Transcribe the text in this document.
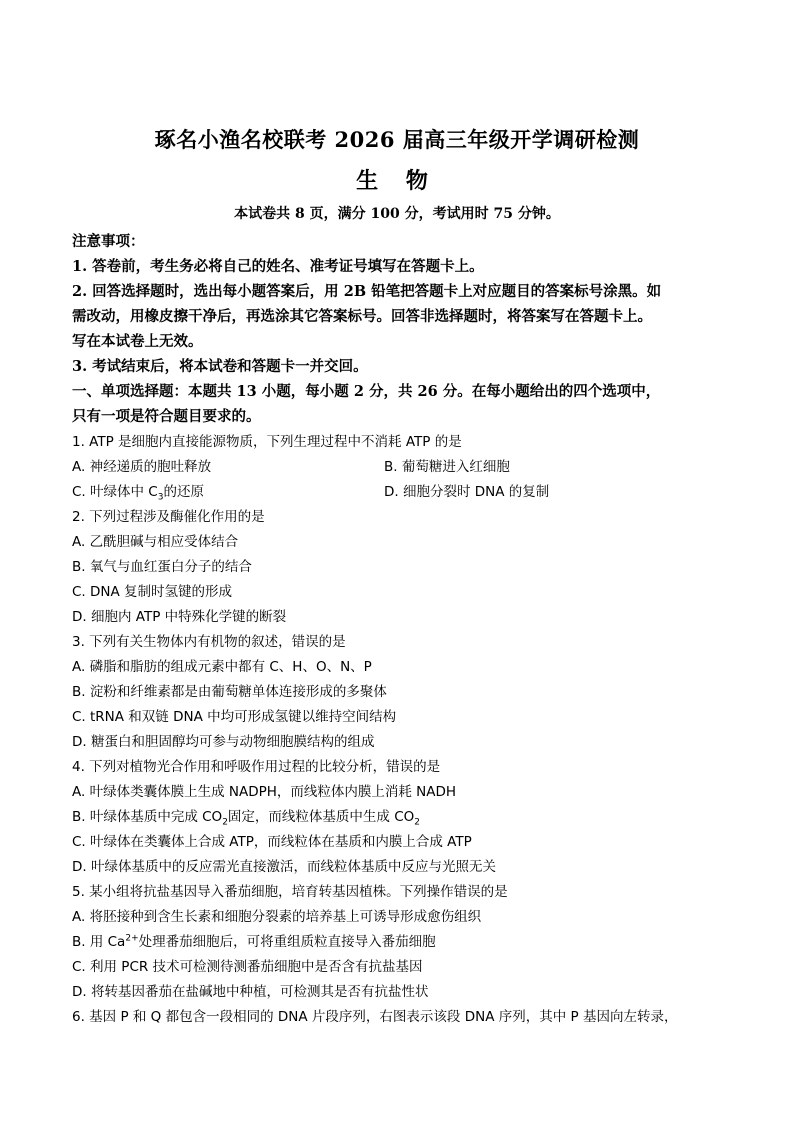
琢名小渔名校联考 2026 届高三年级开学调研检测
生 物
本试卷共 8 页，满分 100 分，考试用时 75 分钟。
注意事项：
1. 答卷前，考生务必将自己的姓名、准考证号填写在答题卡上。
2. 回答选择题时，选出每小题答案后，用 2B 铅笔把答题卡上对应题目的答案标号涂黑。如
需改动，用橡皮擦干净后，再选涂其它答案标号。回答非选择题时，将答案写在答题卡上。
写在本试卷上无效。
3. 考试结束后，将本试卷和答题卡一并交回。
一、单项选择题：本题共 13 小题，每小题 2 分，共 26 分。在每小题给出的四个选项中，
只有一项是符合题目要求的。
1. ATP 是细胞内直接能源物质，下列生理过程中不消耗 ATP 的是
A. 神经递质的胞吐释放	B. 葡萄糖进入红细胞
C. 叶绿体中 $C_3$的还原	D. 细胞分裂时 DNA 的复制
2. 下列过程涉及酶催化作用的是
A. 乙酰胆碱与相应受体结合
B. 氧气与血红蛋白分子的结合
C. DNA 复制时氢键的形成
D. 细胞内 ATP 中特殊化学键的断裂
3. 下列有关生物体内有机物的叙述，错误的是
A. 磷脂和脂肪的组成元素中都有 C、H、O、N、P
B. 淀粉和纤维素都是由葡萄糖单体连接形成的多聚体
C. tRNA 和双链 DNA 中均可形成氢键以维持空间结构
D. 糖蛋白和胆固醇均可参与动物细胞膜结构的组成
4. 下列对植物光合作用和呼吸作用过程的比较分析，错误的是
A. 叶绿体类囊体膜上生成 NADPH，而线粒体内膜上消耗 NADH
B. 叶绿体基质中完成 $CO_2$固定，而线粒体基质中生成 $CO_2$
C. 叶绿体在类囊体上合成 ATP，而线粒体在基质和内膜上合成 ATP
D. 叶绿体基质中的反应需光直接激活，而线粒体基质中反应与光照无关
5. 某小组将抗盐基因导入番茄细胞，培育转基因植株。下列操作错误的是
A. 将胚接种到含生长素和细胞分裂素的培养基上可诱导形成愈伤组织
B. 用 $Ca^{2+}$处理番茄细胞后，可将重组质粒直接导入番茄细胞
C. 利用 PCR 技术可检测待测番茄细胞中是否含有抗盐基因
D. 将转基因番茄在盐碱地中种植，可检测其是否有抗盐性状
6. 基因 P 和 Q 都包含一段相同的 DNA 片段序列，右图表示该段 DNA 序列，其中 P 基因向左转录，
